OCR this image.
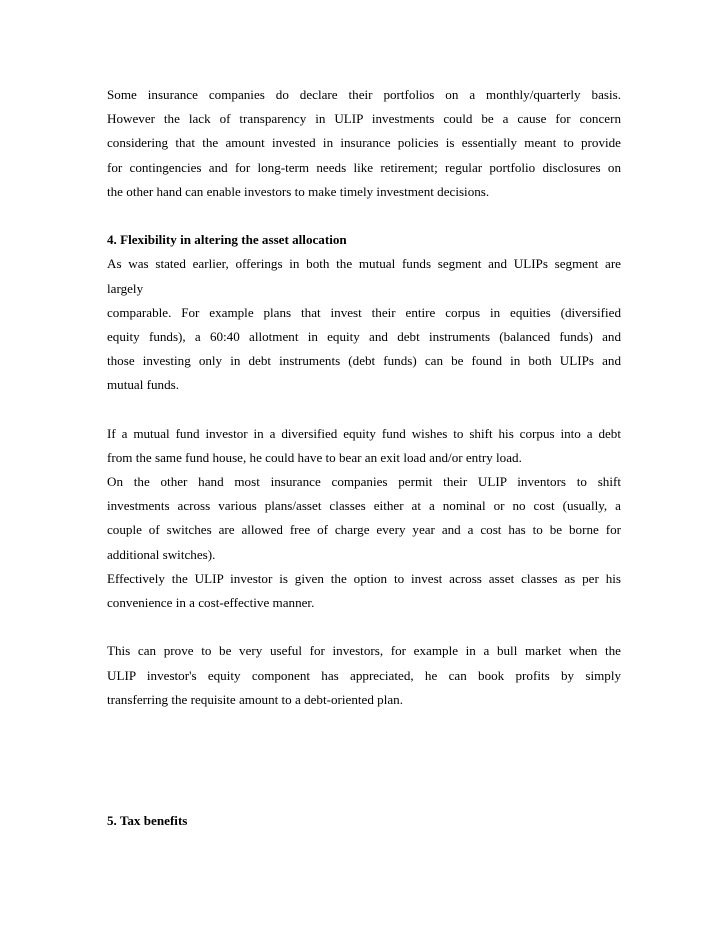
Some insurance companies do declare their portfolios on a monthly/quarterly basis.
However the lack of transparency in ULIP investments could be a cause for concern
considering that the amount invested in insurance policies is essentially meant to provide
for contingencies and for long-term needs like retirement; regular portfolio disclosures on
the other hand can enable investors to make timely investment decisions.
4. Flexibility in altering the asset allocation
As was stated earlier, offerings in both the mutual funds segment and ULIPs segment are
largely
comparable. For example plans that invest their entire corpus in equities (diversified
equity funds), a 60:40 allotment in equity and debt instruments (balanced funds) and
those investing only in debt instruments (debt funds) can be found in both ULIPs and
mutual funds.
If a mutual fund investor in a diversified equity fund wishes to shift his corpus into a debt
from the same fund house, he could have to bear an exit load and/or entry load.
On the other hand most insurance companies permit their ULIP inventors to shift
investments across various plans/asset classes either at a nominal or no cost (usually, a
couple of switches are allowed free of charge every year and a cost has to be borne for
additional switches).
Effectively the ULIP investor is given the option to invest across asset classes as per his
convenience in a cost-effective manner.
This can prove to be very useful for investors, for example in a bull market when the
ULIP investor's equity component has appreciated, he can book profits by simply
transferring the requisite amount to a debt-oriented plan.
5. Tax benefits
